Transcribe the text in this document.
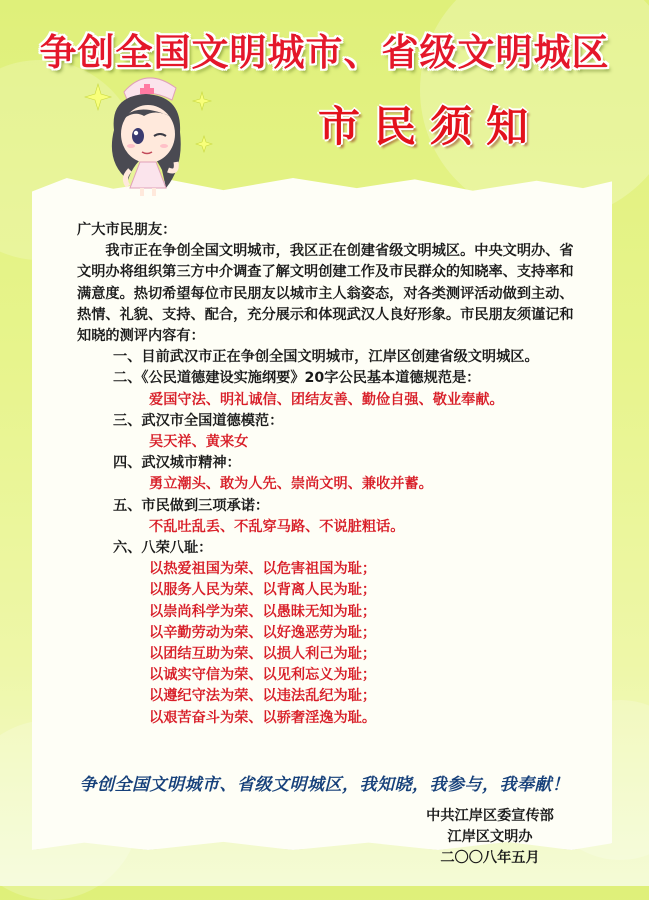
争创全国文明城市、省级文明城区
市民须知

广大市民朋友：

我市正在争创全国文明城市，我区正在创建省级文明城区。中央文明办、省文明办将组织第三方中介调查了解文明创建工作及市民群众的知晓率、支持率和满意度。热切希望每位市民朋友以城市主人翁姿态，对各类测评活动做到主动、热情、礼貌、支持、配合，充分展示和体现武汉人良好形象。市民朋友须谨记和知晓的测评内容有：

一、目前武汉市正在争创全国文明城市，江岸区创建省级文明城区。

二、《公民道德建设实施纲要》20字公民基本道德规范是：

爱国守法、明礼诚信、团结友善、勤俭自强、敬业奉献。

三、武汉市全国道德模范：

吴天祥、黄来女

四、武汉城市精神：

勇立潮头、敢为人先、崇尚文明、兼收并蓄。

五、市民做到三项承诺：

不乱吐乱丢、不乱穿马路、不说脏粗话。

六、八荣八耻：

以热爱祖国为荣、以危害祖国为耻；

以服务人民为荣、以背离人民为耻；

以崇尚科学为荣、以愚昧无知为耻；

以辛勤劳动为荣、以好逸恶劳为耻；

以团结互助为荣、以损人利己为耻；

以诚实守信为荣、以见利忘义为耻；

以遵纪守法为荣、以违法乱纪为耻；

以艰苦奋斗为荣、以骄奢淫逸为耻。

争创全国文明城市、省级文明城区，我知晓，我参与，我奉献！
中共江岸区委宣传部
江岸区文明办
二〇〇八年五月
